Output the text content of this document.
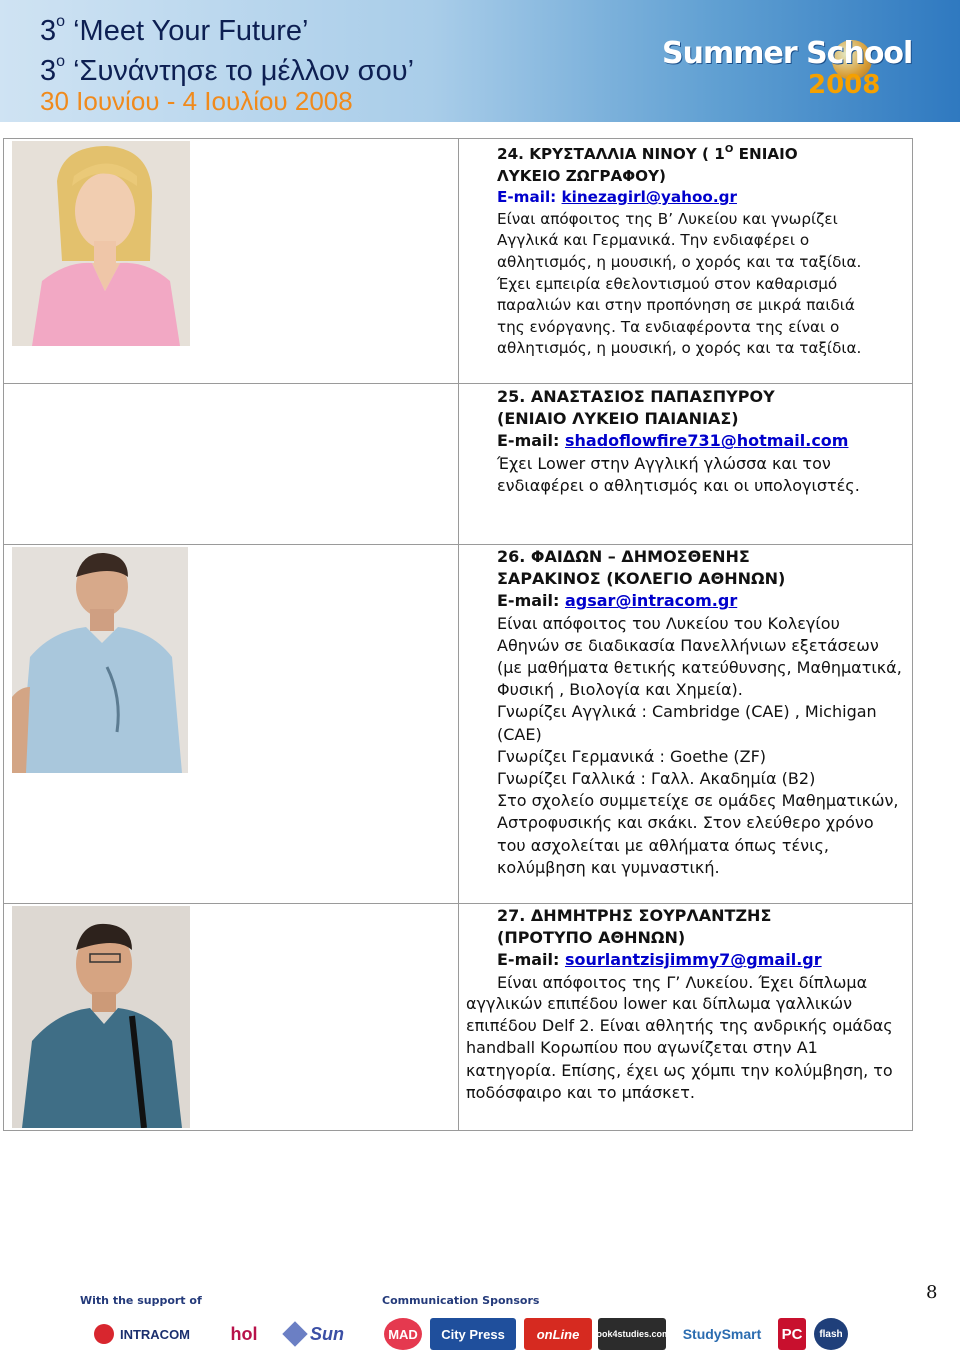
$3^o$ ‘Meet Your Future’
$3^o$ ‘Συνάντησε το μέλλον σου’
30 Ιουνίου - 4 Ιουλίου 2008
Summer School
2008
24. ΚΡΥΣΤΑΛΛΙΑ ΝΙΝΟΥ ( $1^O$ ΕΝΙΑΙΟ
ΛΥΚΕΙΟ ΖΩΓΡΑΦΟΥ)
E-mail: kinezagirl@yahoo.gr
Είναι απόφοιτος της Β’ Λυκείου και γνωρίζει
Αγγλικά και Γερμανικά. Την ενδιαφέρει ο
αθλητισμός, η μουσική, ο χορός και τα ταξίδια.
Έχει εμπειρία εθελοντισμού στον καθαρισμό
παραλιών και στην προπόνηση σε μικρά παιδιά
της ενόργανης. Τα ενδιαφέροντα της είναι ο
αθλητισμός, η μουσική, ο χορός και τα ταξίδια.
25. ΑΝΑΣΤΑΣΙΟΣ ΠΑΠΑΣΠΥΡΟΥ
(ΕΝΙΑΙΟ ΛΥΚΕΙΟ ΠΑΙΑΝΙΑΣ)
E-mail: shadoflowfire731@hotmail.com
Έχει Lower στην Αγγλική γλώσσα και τον
ενδιαφέρει ο αθλητισμός και οι υπολογιστές.
26. ΦΑΙΔΩΝ – ΔΗΜΟΣΘΕΝΗΣ
ΣΑΡΑΚΙΝΟΣ (ΚΟΛΕΓΙΟ ΑΘΗΝΩΝ)
E-mail: agsar@intracom.gr
Είναι απόφοιτος του Λυκείου του Κολεγίου
Αθηνών σε διαδικασία Πανελλήνιων εξετάσεων
(με μαθήματα θετικής κατεύθυνσης, Μαθηματικά,
Φυσική , Βιολογία και Χημεία).
Γνωρίζει Αγγλικά : Cambridge (CAE) , Michigan
(CAE)
Γνωρίζει Γερμανικά : Goethe (ZF)
Γνωρίζει Γαλλικά : Γαλλ. Ακαδημία (Β2)
Στο σχολείο συμμετείχε σε ομάδες Μαθηματικών,
Αστροφυσικής και σκάκι. Στον ελεύθερο χρόνο
του ασχολείται με αθλήματα όπως τένις,
κολύμβηση και γυμναστική.
27. ΔΗΜΗΤΡΗΣ ΣΟΥΡΛΑΝΤΖΗΣ
(ΠΡΟΤΥΠΟ ΑΘΗΝΩΝ)
E-mail: sourlantzisjimmy7@gmail.gr
Είναι απόφοιτος της Γ’ Λυκείου. Έχει δίπλωμα
αγγλικών επιπέδου lower και δίπλωμα γαλλικών
επιπέδου Delf 2. Είναι αθλητής της ανδρικής ομάδας
handball Κορωπίου που αγωνίζεται στην Α1
κατηγορία. Επίσης, έχει ως χόμπι την κολύμβηση, το
ποδόσφαιρο και το μπάσκετ.
8
With the support of	Communication Sponsors
INTRACOM	hol	Sun	MAD	City Press	onLine	look4studies.com StudySmart	PC	flash
